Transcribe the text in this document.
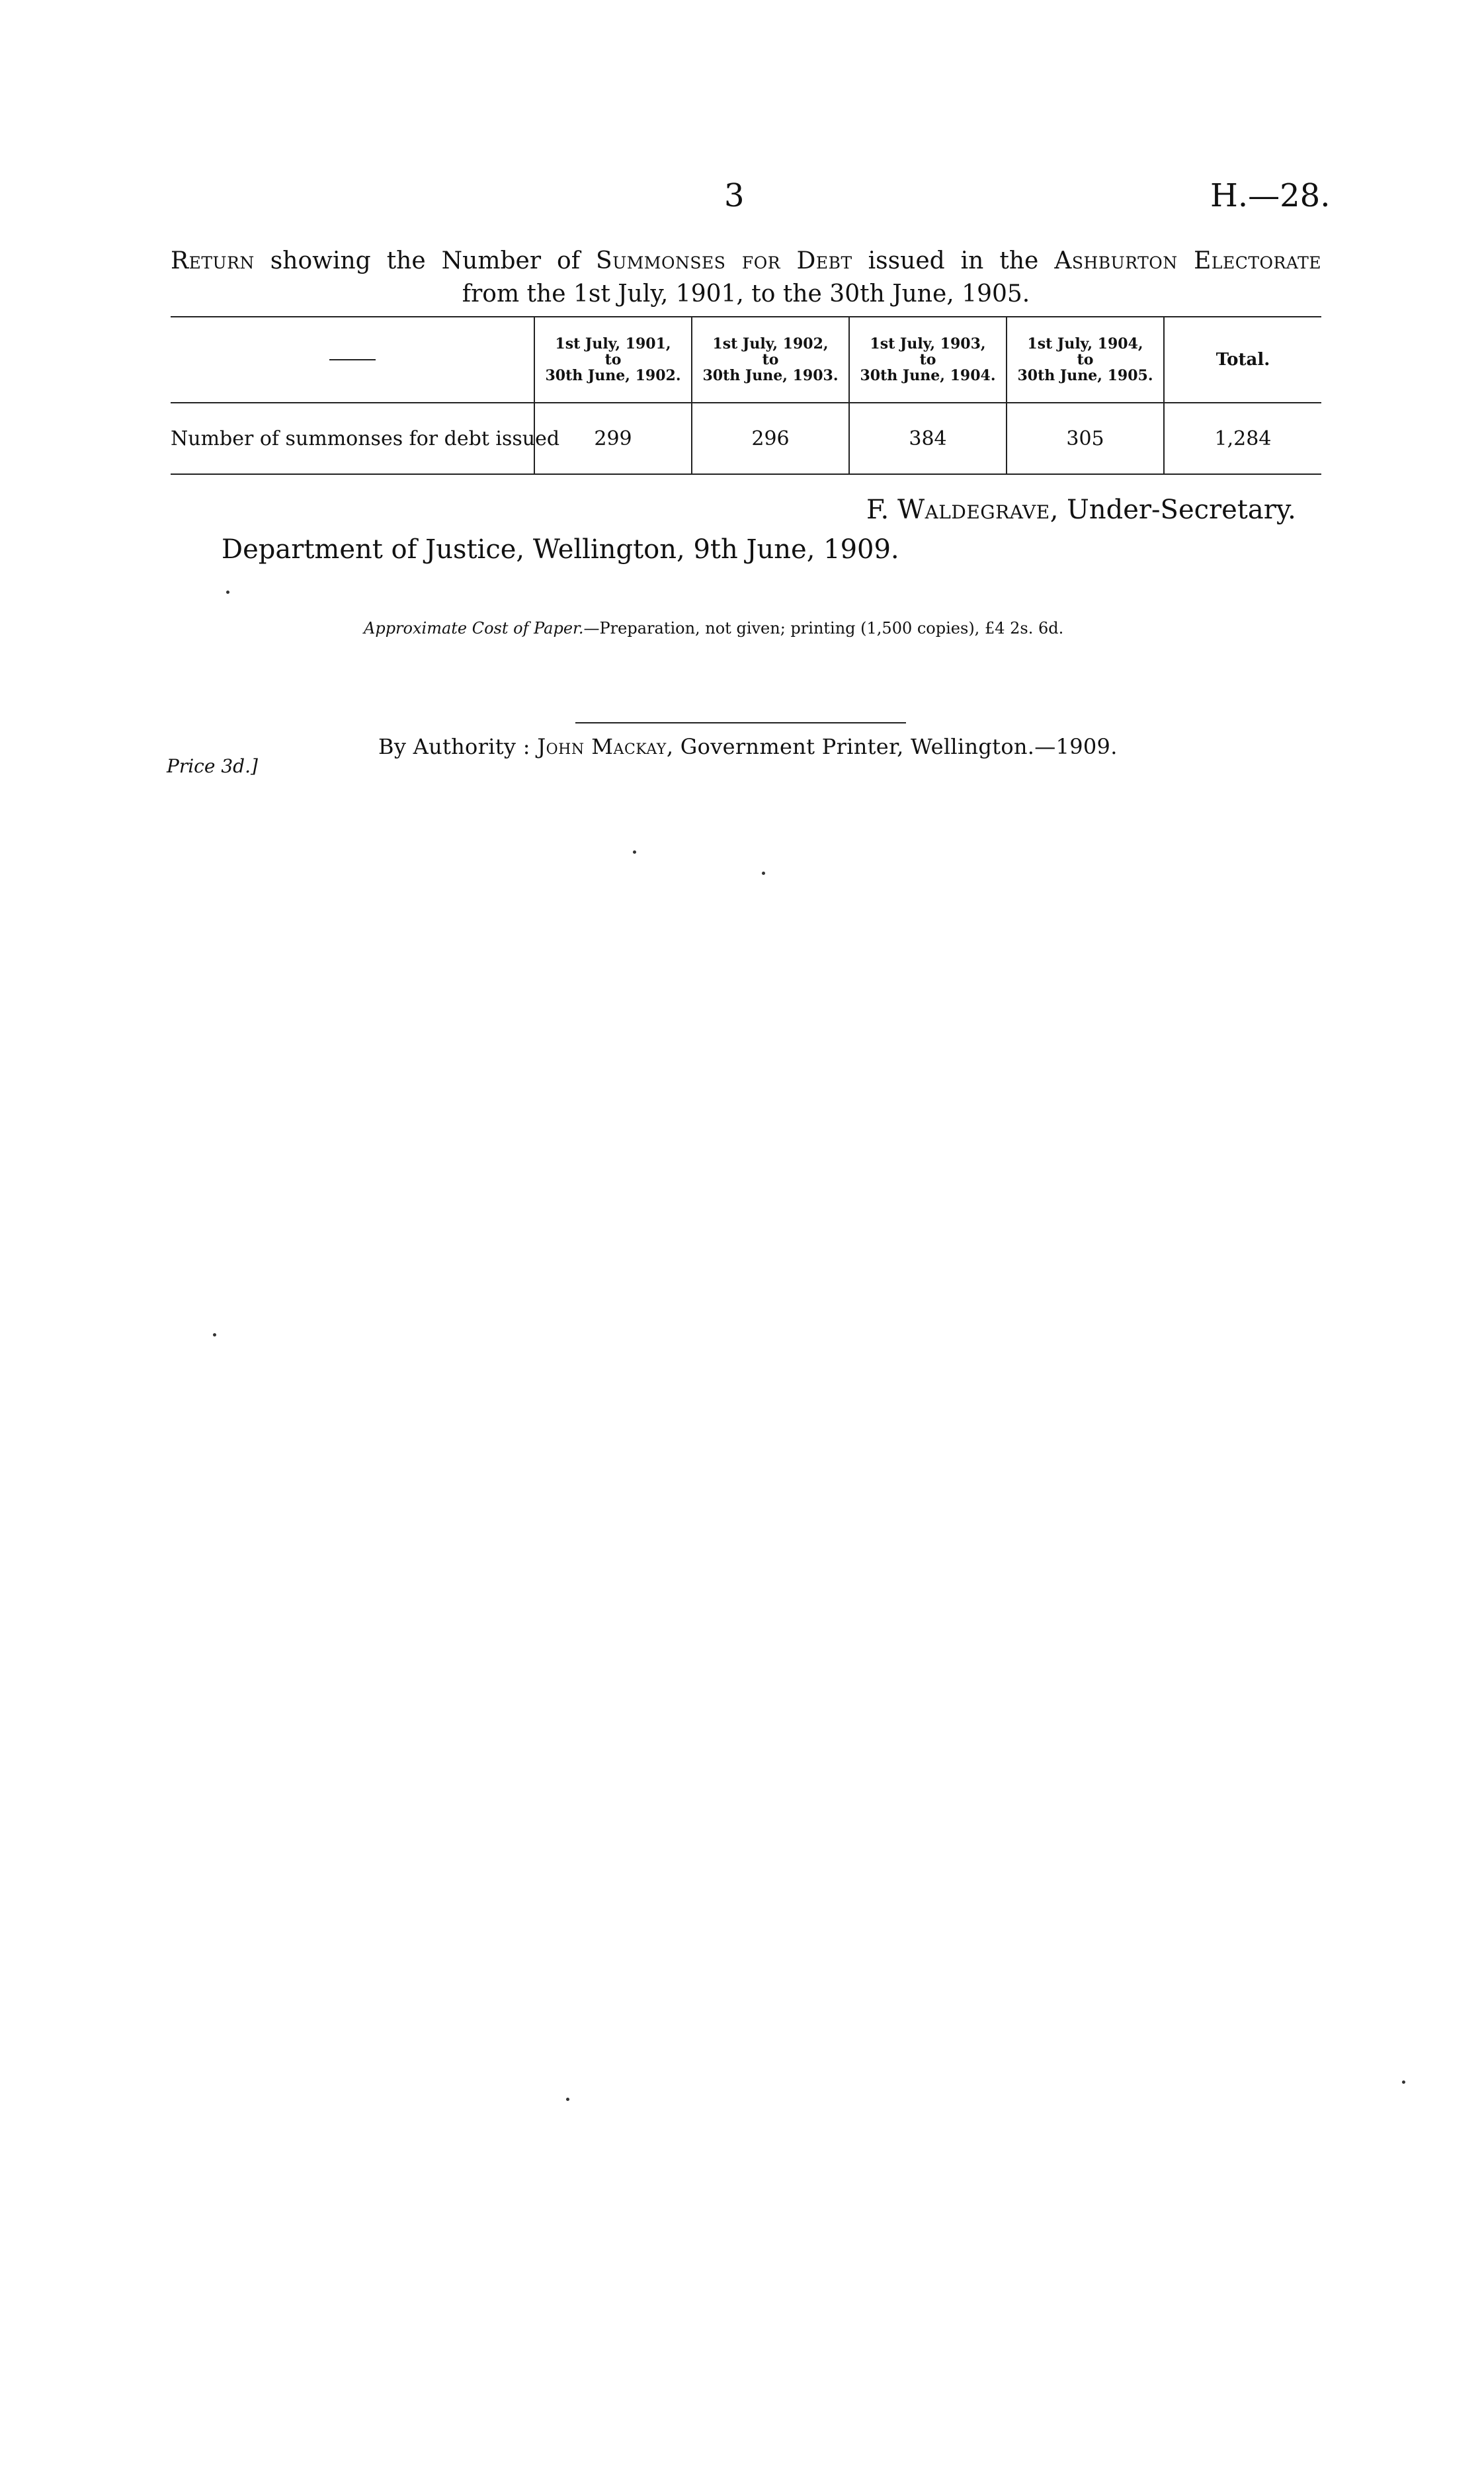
3	H.—28.
Return showing the Number of Summonses for Debt issued in the Ashburton Electorate
from the 1st July, 1901, to the 30th June, 1905.

	1st July, 1901,
to
30th June, 1902.	1st July, 1902,
to
30th June, 1903.	1st July, 1903,
to
30th June, 1904.	1st July, 1904,
to
30th June, 1905.	Total.
Number of summonses for debt issued	299	296	384	305	1,284
F. Waldegrave, Under-Secretary.
Department of Justice, Wellington, 9th June, 1909.
Approximate Cost of Paper.—Preparation, not given; printing (1,500 copies), £4 2s. 6d.
By Authority : John Mackay, Government Printer, Wellington.—1909.
Price 3d.]
